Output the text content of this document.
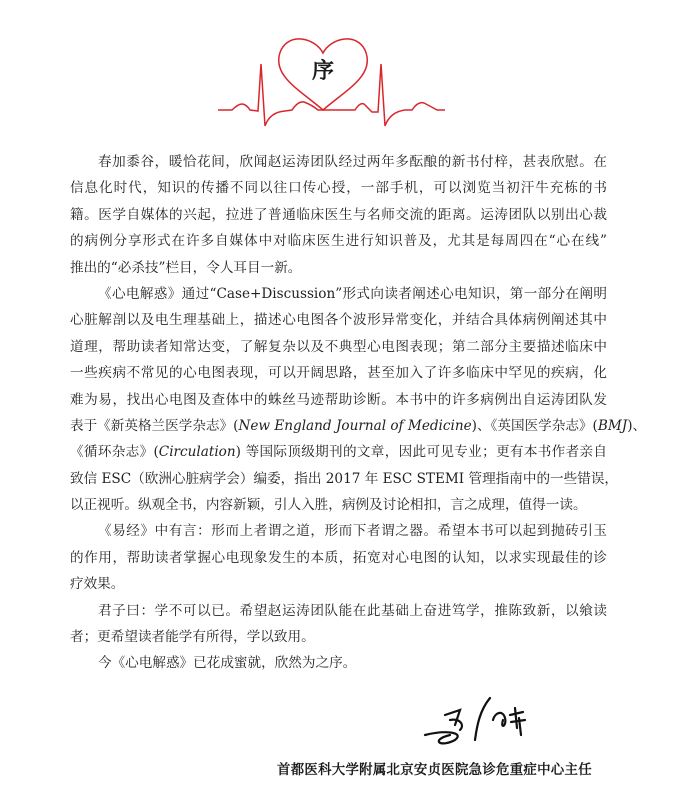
序
春加黍谷，暖恰花间，欣闻赵运涛团队经过两年多酝酿的新书付梓，甚表欣慰。在
信息化时代，知识的传播不同以往口传心授，一部手机，可以浏览当初汗牛充栋的书
籍。医学自媒体的兴起，拉进了普通临床医生与名师交流的距离。运涛团队以别出心裁
的病例分享形式在许多自媒体中对临床医生进行知识普及，尤其是每周四在“心在线”
推出的“必杀技”栏目，令人耳目一新。
《心电解惑》通过“Case+Discussion”形式向读者阐述心电知识，第一部分在阐明
心脏解剖以及电生理基础上，描述心电图各个波形异常变化，并结合具体病例阐述其中
道理，帮助读者知常达变，了解复杂以及不典型心电图表现；第二部分主要描述临床中
一些疾病不常见的心电图表现，可以开阔思路，甚至加入了许多临床中罕见的疾病，化
难为易，找出心电图及查体中的蛛丝马迹帮助诊断。本书中的许多病例出自运涛团队发
表于《新英格兰医学杂志》(New England Journal of Medicine)、《英国医学杂志》(BMJ)、
《循环杂志》(Circulation) 等国际顶级期刊的文章，因此可见专业；更有本书作者亲自
致信 ESC（欧洲心脏病学会）编委，指出 2017 年 ESC STEMI 管理指南中的一些错误，
以正视听。纵观全书，内容新颖，引人入胜，病例及讨论相扣，言之成理，值得一读。
《易经》中有言：形而上者谓之道，形而下者谓之器。希望本书可以起到抛砖引玉
的作用，帮助读者掌握心电现象发生的本质，拓宽对心电图的认知，以求实现最佳的诊
疗效果。
君子曰：学不可以已。希望赵运涛团队能在此基础上奋进笃学，推陈致新，以飨读
者；更希望读者能学有所得，学以致用。
今《心电解惑》已花成蜜就，欣然为之序。
首都医科大学附属北京安贞医院急诊危重症中心主任
